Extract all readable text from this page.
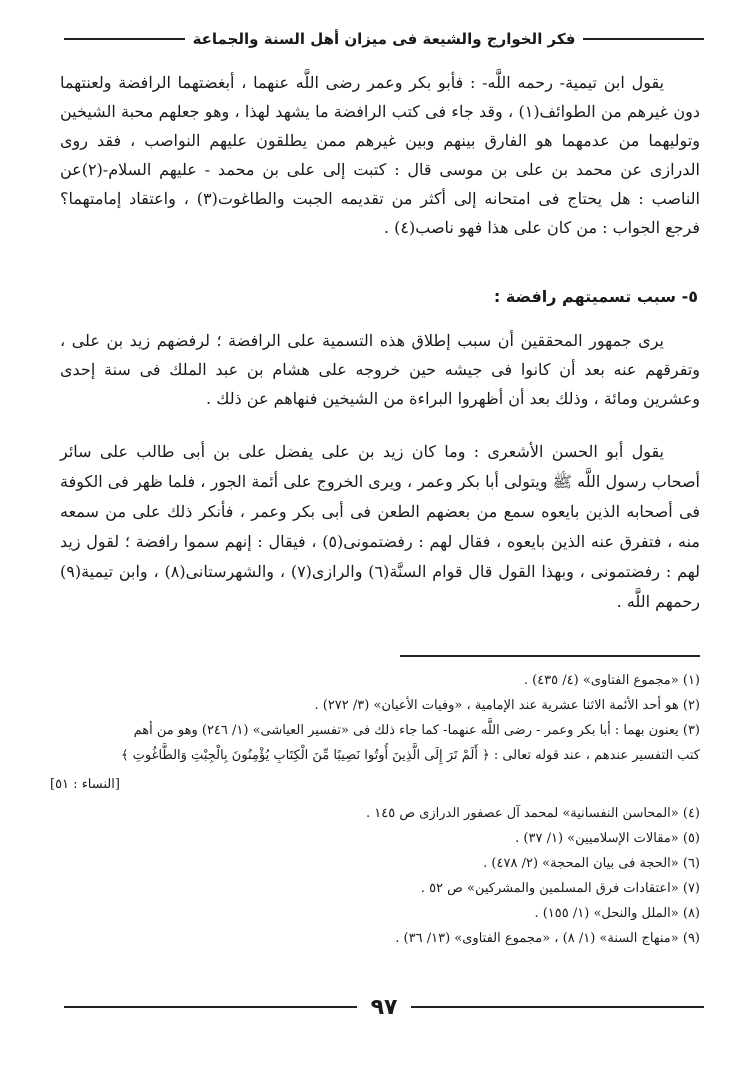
فكر الخوارج والشيعة فى ميزان أهل السنة والجماعة

يقول ابن تيمية- رحمه اللَّه- : فأبو بكر وعمر رضى اللَّه عنهما ، أبغضتهما الرافضة ولعنتهما دون غيرهم من الطوائف(١) ، وقد جاء فى كتب الرافضة ما يشهد لهذا ، وهو جعلهم محبة الشيخين وتوليهما من عدمهما هو الفارق بينهم وبين غيرهم ممن يطلقون عليهم النواصب ، فقد روى الدرازى عن محمد بن على بن موسى قال : كتبت إلى على بن محمد - عليهم السلام-(٢)عن الناصب : هل يحتاج فى امتحانه إلى أكثر من تقديمه الجبت والطاغوت(٣) ، واعتقاد إمامتهما؟ فرجع الجواب : من كان على هذا فهو ناصب(٤) .

٥- سبب تسميتهم رافضة :

يرى جمهور المحققين أن سبب إطلاق هذه التسمية على الرافضة ؛ لرفضهم زيد بن على ، وتفرقهم عنه بعد أن كانوا فى جيشه حين خروجه على هشام بن عبد الملك فى سنة إحدى وعشرين ومائة ، وذلك بعد أن أظهروا البراءة من الشيخين فنهاهم عن ذلك .

يقول أبو الحسن الأشعرى : وما كان زيد بن على يفضل على بن أبى طالب على سائر أصحاب رسول اللَّه ﷺ ويتولى أبا بكر وعمر ، ويرى الخروج على أئمة الجور ، فلما ظهر فى الكوفة فى أصحابه الذين بايعوه سمع من بعضهم الطعن فى أبى بكر وعمر ، فأنكر ذلك على من سمعه منه ، فتفرق عنه الذين بايعوه ، فقال لهم : رفضتمونى(٥) ، فيقال : إنهم سموا رافضة ؛ لقول زيد لهم : رفضتمونى ، وبهذا القول قال قوام السنَّة(٦) والرازى(٧) ، والشهرستانى(٨) ، وابن تيمية(٩) رحمهم اللَّه .

(١) «مجموع الفتاوى» (٤/ ٤٣٥) .

(٢) هو أحد الأئمة الاثنا عشرية عند الإمامية ، «وفيات الأعيان» (٣/ ٢٧٢) .

(٣) يعنون بهما : أبا بكر وعمر - رضى اللَّه عنهما- كما جاء ذلك فى «تفسير العياشى» (١/ ٢٤٦) وهو من أهم

كتب التفسير عندهم ، عند قوله تعالى : ﴿ أَلَمْ تَرَ إِلَى الَّذِينَ أُوتُوا نَصِيبًا مِّنَ الْكِتَابِ يُؤْمِنُونَ بِالْجِبْتِ وَالطَّاغُوتِ ﴾

[النساء : ٥١]

(٤) «المحاسن النفسانية» لمحمد آل عصفور الدرازى ص ١٤٥ .

(٥) «مقالات الإسلاميين» (١/ ٣٧) .

(٦) «الحجة فى بيان المحجة» (٢/ ٤٧٨) .

(٧) «اعتقادات فرق المسلمين والمشركين» ص ٥٢ .

(٨) «الملل والنحل» (١/ ١٥٥) .

(٩) «منهاج السنة» (١/ ٨) ، «مجموع الفتاوى» (١٣/ ٣٦) .

٩٧
